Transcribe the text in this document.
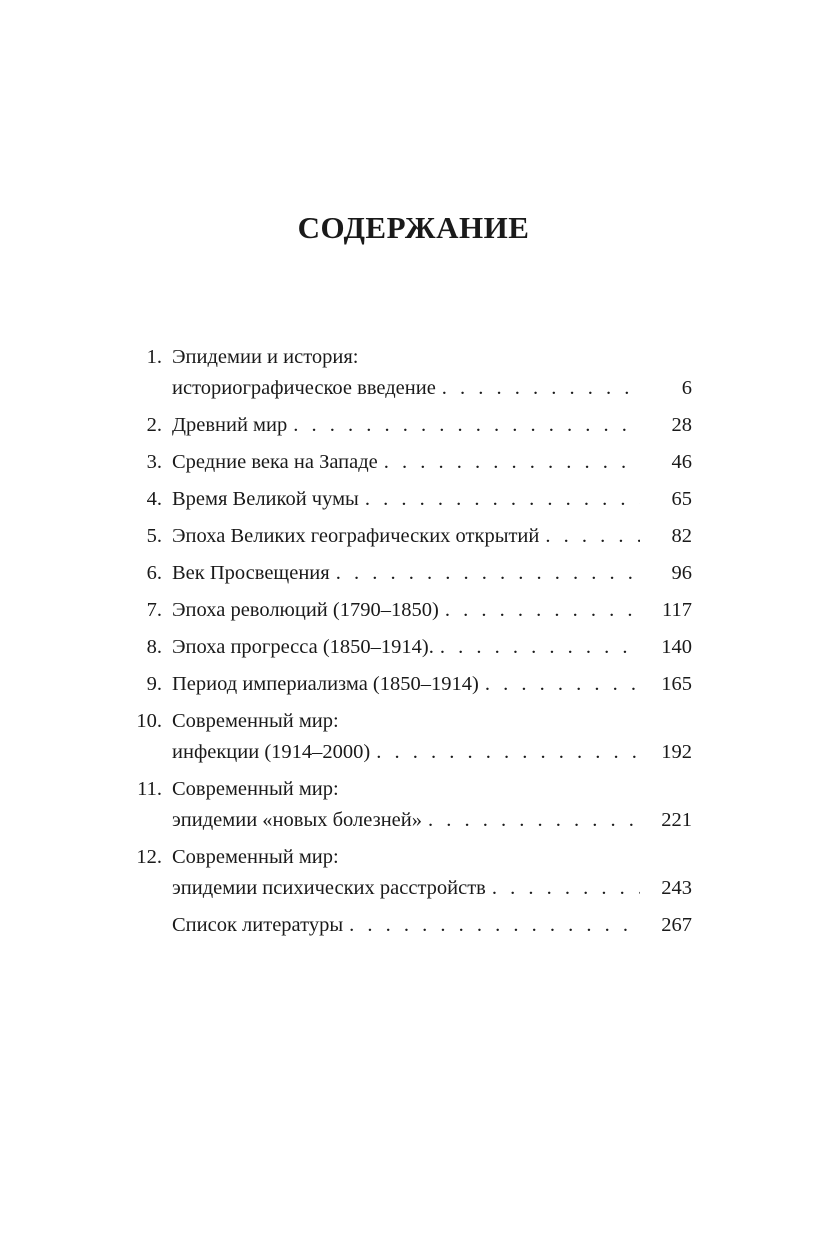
СОДЕРЖАНИЕ
1. Эпидемии и история:
историографическое введение . . .	6
2. Древний мир . . .	28
3. Средние века на Западе . . .	46
4. Время Великой чумы . . .	65
5. Эпоха Великих географических открытий . . .	82
6. Век Просвещения . . .	96
7. Эпоха революций (1790–1850) . . .	117
8. Эпоха прогресса (1850–1914). . . .	140
9. Период империализма (1850–1914) . . .	165
10. Современный мир:
инфекции (1914–2000) . . .	192
11. Современный мир:
эпидемии «новых болезней» . . .	221
12. Современный мир:
эпидемии психических расстройств . . .	243
Список литературы . . .	267
